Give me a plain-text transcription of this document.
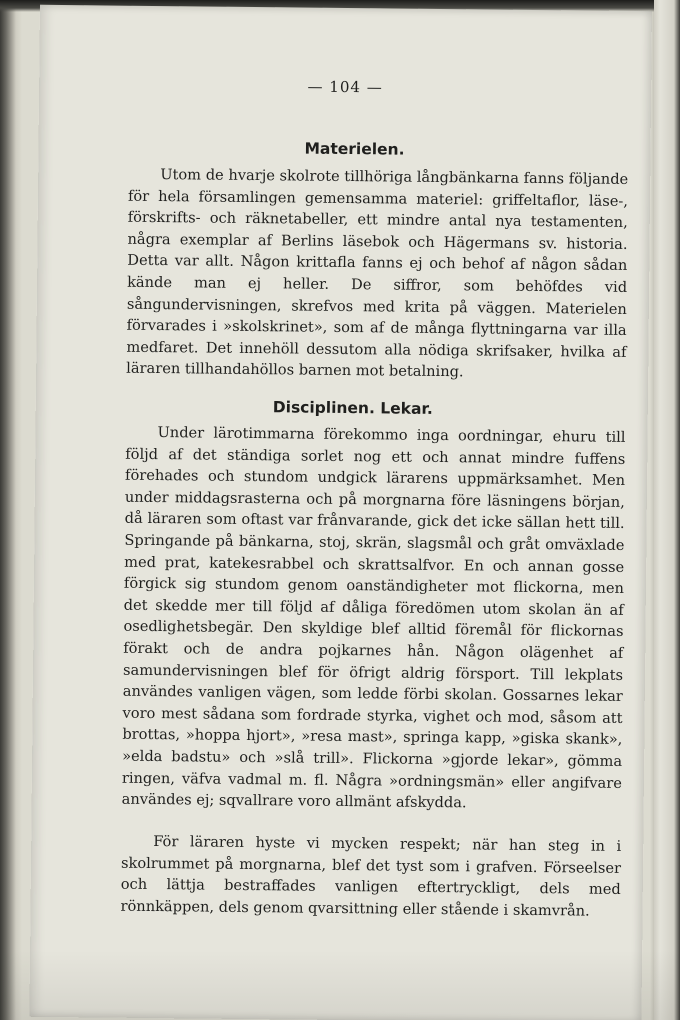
— 104 —
Materielen.

Utom de hvarje skolrote tillhöriga långbänkarna fanns följande för hela församlingen gemensamma materiel: griffeltaflor, läse-, förskrifts- och räknetabeller, ett mindre antal nya testamenten, några exemplar af Berlins läsebok och Hägermans sv. historia. Detta var allt. Någon krittafla fanns ej och behof af någon sådan kände man ej heller. De siffror, som behöfdes vid sångundervisningen, skrefvos med krita på väggen. Materielen förvarades i »skolskrinet», som af de många flyttningarna var illa medfaret. Det innehöll dessutom alla nödiga skrifsaker, hvilka af läraren tillhandahöllos barnen mot betalning.

Disciplinen. Lekar.

Under lärotimmarna förekommo inga oordningar, ehuru till följd af det ständiga sorlet nog ett och annat mindre fuffens förehades och stundom undgick lärarens uppmärksamhet. Men under middagsrasterna och på morgnarna före läsningens början, då läraren som oftast var frånvarande, gick det icke sällan hett till. Springande på bänkarna, stoj, skrän, slagsmål och gråt omväxlade med prat, katekesrabbel och skrattsalfvor. En och annan gosse förgick sig stundom genom oanständigheter mot flickorna, men det skedde mer till följd af dåliga föredömen utom skolan än af osedlighetsbegär. Den skyldige blef alltid föremål för flickornas förakt och de andra pojkarnes hån. Någon olägenhet af samundervisningen blef för öfrigt aldrig försport. Till lekplats användes vanligen vägen, som ledde förbi skolan. Gossarnes lekar voro mest sådana som fordrade styrka, vighet och mod, såsom att brottas, »hoppa hjort», »resa mast», springa kapp, »giska skank», »elda badstu» och »slå trill». Flickorna »gjorde lekar», gömma ringen, väfva vadmal m. fl. Några »ordningsmän» eller angifvare användes ej; sqvallrare voro allmänt afskydda.

För läraren hyste vi mycken respekt; när han steg in i skolrummet på morgnarna, blef det tyst som i grafven. Förseelser och lättja bestraffades vanligen eftertryckligt, dels med rönnkäppen, dels genom qvarsittning eller stående i skamvrån.
